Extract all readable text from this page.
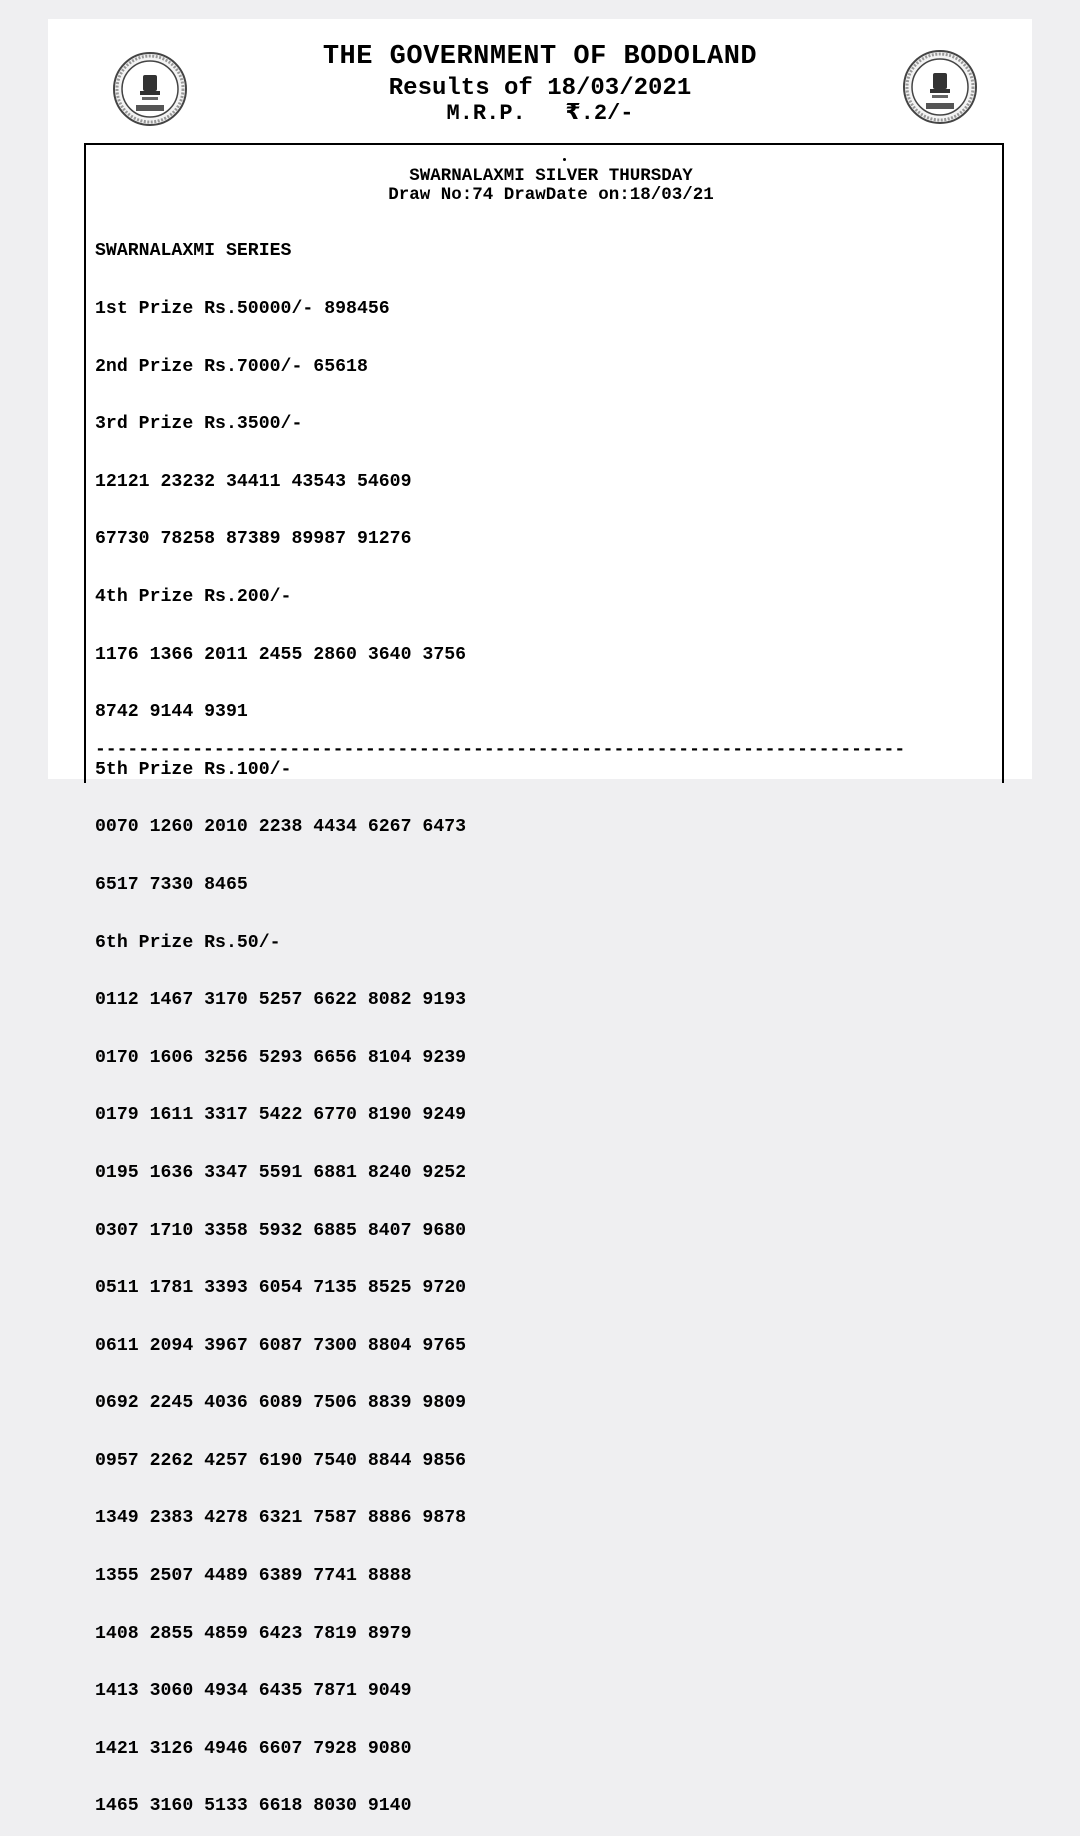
THE GOVERNMENT OF BODOLAND
Results of 18/03/2021
M.R.P. ₹.2/-
SWARNALAXMI SILVER THURSDAY
Draw No:74 DrawDate on:18/03/21

SWARNALAXMI SERIES

1st Prize Rs.50000/- 898456

2nd Prize Rs.7000/- 65618

3rd Prize Rs.3500/-

12121 23232 34411 43543 54609

67730 78258 87389 89987 91276

4th Prize Rs.200/-

1176 1366 2011 2455 2860 3640 3756

8742 9144 9391

5th Prize Rs.100/-

0070 1260 2010 2238 4434 6267 6473

6517 7330 8465

6th Prize Rs.50/-

0112 1467 3170 5257 6622 8082 9193

0170 1606 3256 5293 6656 8104 9239

0179 1611 3317 5422 6770 8190 9249

0195 1636 3347 5591 6881 8240 9252

0307 1710 3358 5932 6885 8407 9680

0511 1781 3393 6054 7135 8525 9720

0611 2094 3967 6087 7300 8804 9765

0692 2245 4036 6089 7506 8839 9809

0957 2262 4257 6190 7540 8844 9856

1349 2383 4278 6321 7587 8886 9878

1355 2507 4489 6389 7741 8888

1408 2855 4859 6423 7819 8979

1413 3060 4934 6435 7871 9049

1421 3126 4946 6607 7928 9080

1465 3160 5133 6618 8030 9140

---------------------------------------------------------------------------
